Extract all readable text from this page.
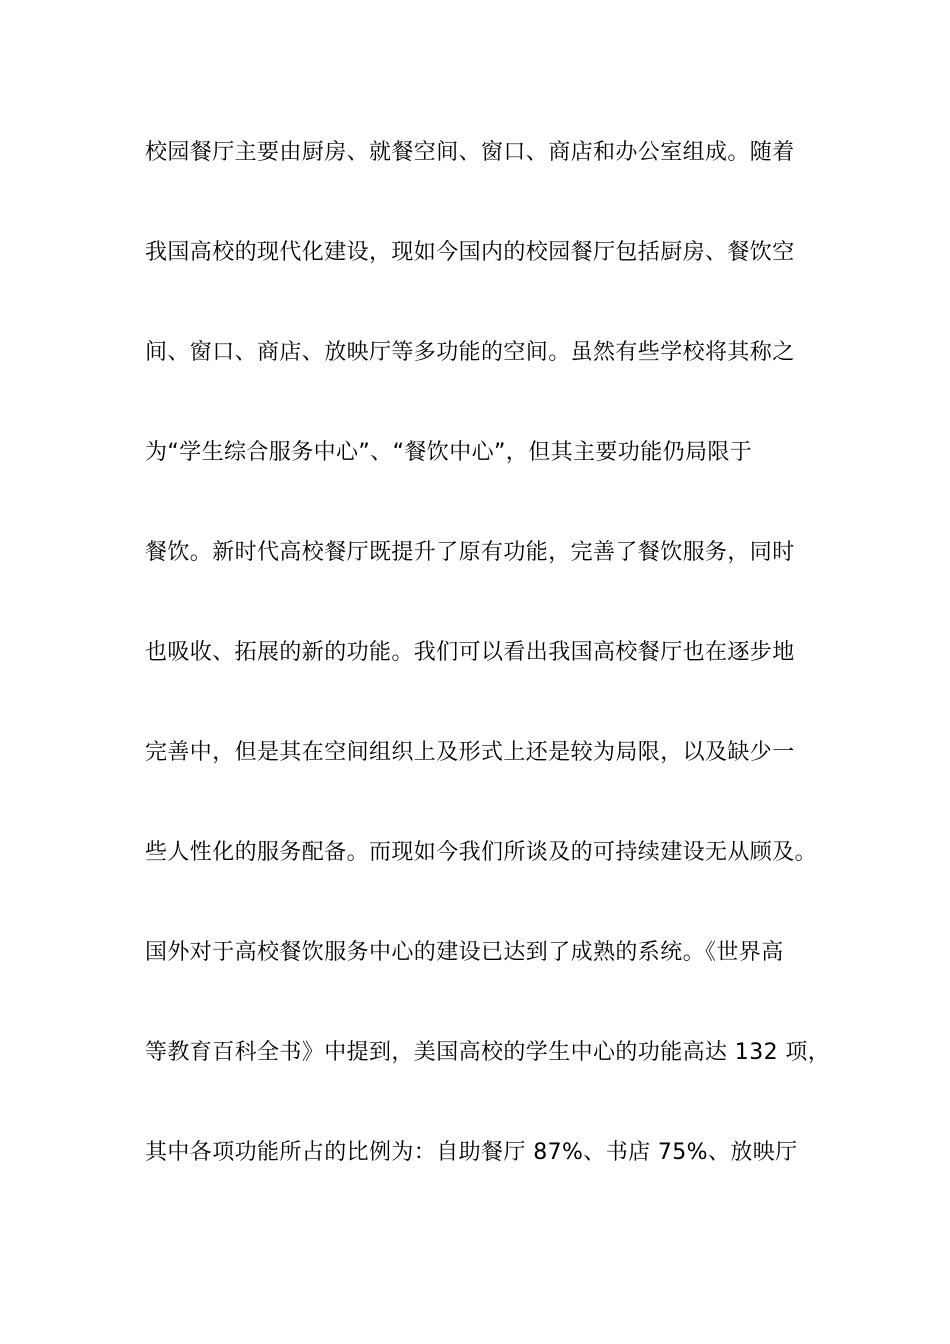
校园餐厅主要由厨房、就餐空间、窗口、商店和办公室组成。随着
我国高校的现代化建设，现如今国内的校园餐厅包括厨房、餐饮空
间、窗口、商店、放映厅等多功能的空间。虽然有些学校将其称之
为“学生综合服务中心”、“餐饮中心”，但其主要功能仍局限于
餐饮。新时代高校餐厅既提升了原有功能，完善了餐饮服务，同时
也吸收、拓展的新的功能。我们可以看出我国高校餐厅也在逐步地
完善中，但是其在空间组织上及形式上还是较为局限，以及缺少一
些人性化的服务配备。而现如今我们所谈及的可持续建设无从顾及。
国外对于高校餐饮服务中心的建设已达到了成熟的系统。《世界高
等教育百科全书》中提到，美国高校的学生中心的功能高达 132 项，
其中各项功能所占的比例为：自助餐厅 87%、书店 75%、放映厅
